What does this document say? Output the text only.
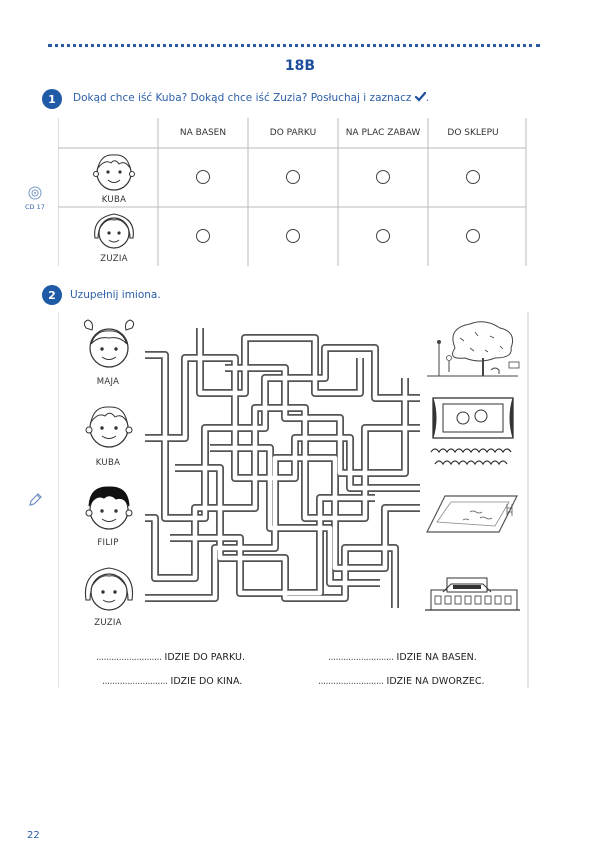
18B
1	Dokąd chce iść Kuba? Dokąd chce iść Zuzia? Posłuchaj i zaznacz .
CD 17
NA BASEN	DO PARKU	NA PLAC ZABAW	DO SKLEPU
KUBA
ZUZIA
2	Uzupełnij imiona.
MAJA
KUBA
FILIP
ZUZIA
.......................... IDZIE DO PARKU.	.......................... IDZIE NA BASEN.
.......................... IDZIE DO KINA.	.......................... IDZIE NA DWORZEC.
22
